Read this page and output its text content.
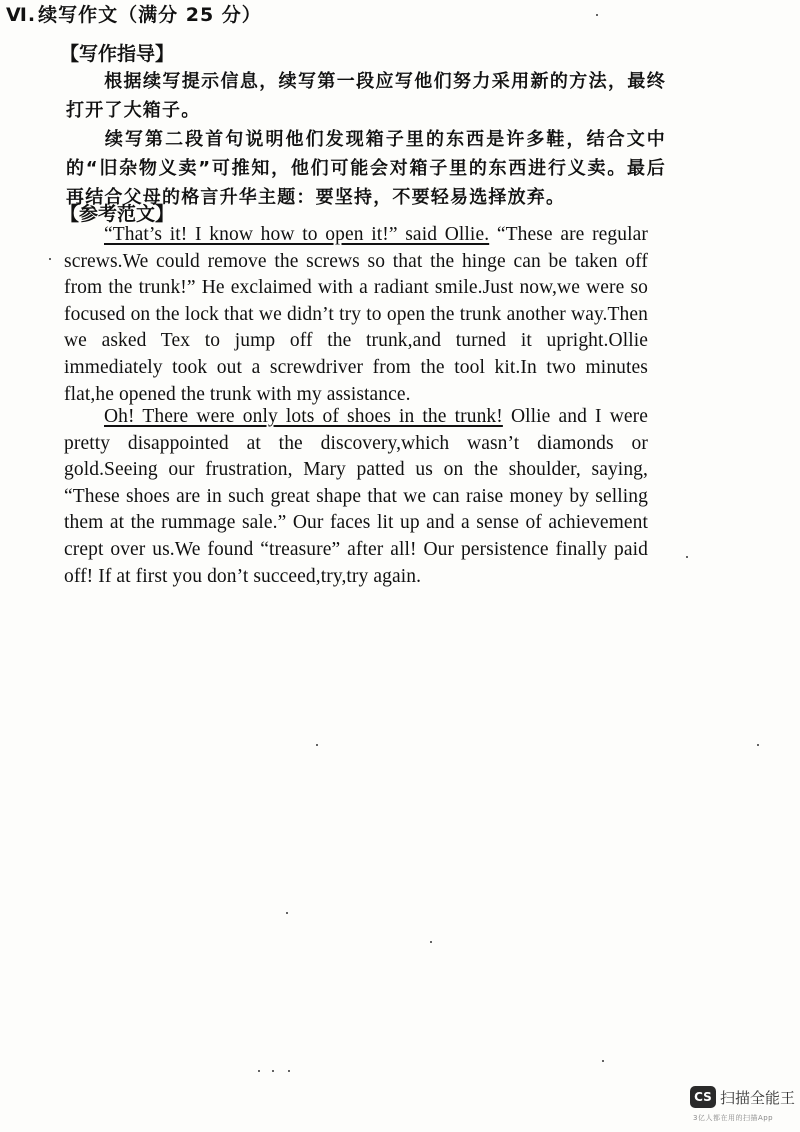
Ⅵ. 续写作文（满分 25 分）
【写作指导】

根据续写提示信息，续写第一段应写他们努力采用新的方法，最终打开了大箱子。

续写第二段首句说明他们发现箱子里的东西是许多鞋，结合文中的“旧杂物义卖”可推知，他们可能会对箱子里的东西进行义卖。最后再结合父母的格言升华主题：要坚持，不要轻易选择放弃。

【参考范文】

“That’s it! I know how to open it!” said Ollie. “These are regular screws.We could remove the screws so that the hinge can be taken off from the trunk!” He exclaimed with a radiant smile.Just now,we were so focused on the lock that we didn’t try to open the trunk another way.Then we asked Tex to jump off the trunk,and turned it upright.Ollie immediately took out a screwdriver from the tool kit.In two minutes flat,he opened the trunk with my assistance.

Oh! There were only lots of shoes in the trunk! Ollie and I were pretty disappointed at the discovery,which wasn’t diamonds or gold.Seeing our frustration, Mary patted us on the shoulder, saying, “These shoes are in such great shape that we can raise money by selling them at the rummage sale.” Our faces lit up and a sense of achievement crept over us.We found “treasure” after all! Our persistence finally paid off! If at first you don’t succeed,try,try again.

CS 扫描全能王
3亿人都在用的扫描App
